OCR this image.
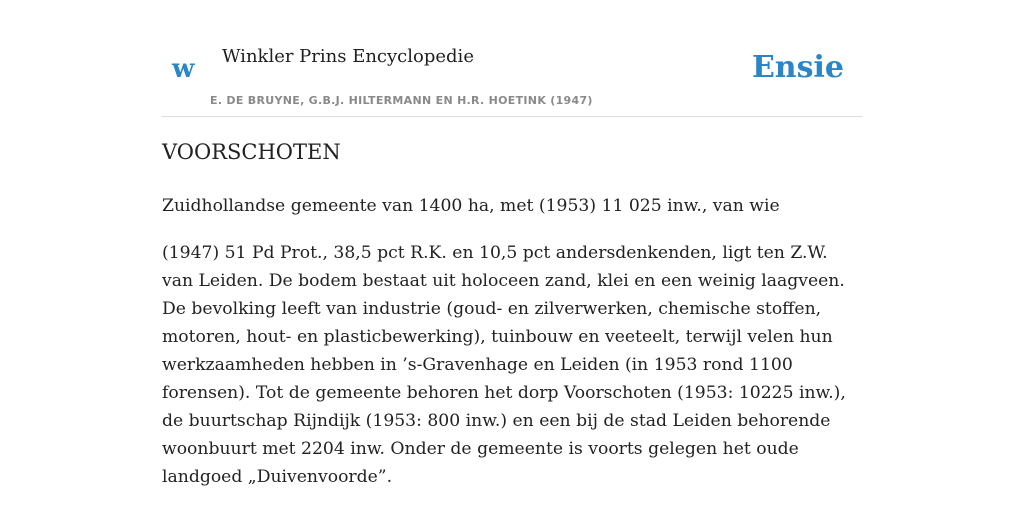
w Winkler Prins Encyclopedie
E. DE BRUYNE, G.B.J. HILTERMANN EN H.R. HOETINK (1947)
Ensie
VOORSCHOTEN

Zuidhollandse gemeente van 1400 ha, met (1953) 11 025 inw., van wie

(1947) 51 Pd Prot., 38,5 pct R.K. en 10,5 pct andersdenkenden, ligt ten Z.W. van Leiden. De bodem bestaat uit holoceen zand, klei en een weinig laagveen. De bevolking leeft van industrie (goud- en zilverwerken, chemische stoffen, motoren, hout- en plasticbewerking), tuinbouw en veeteelt, terwijl velen hun werkzaamheden hebben in ’s-Gravenhage en Leiden (in 1953 rond 1100 forensen). Tot de gemeente behoren het dorp Voorschoten (1953: 10225 inw.), de buurtschap Rijndijk (1953: 800 inw.) en een bij de stad Leiden behorende woonbuurt met 2204 inw. Onder de gemeente is voorts gelegen het oude landgoed „Duivenvoorde”.
